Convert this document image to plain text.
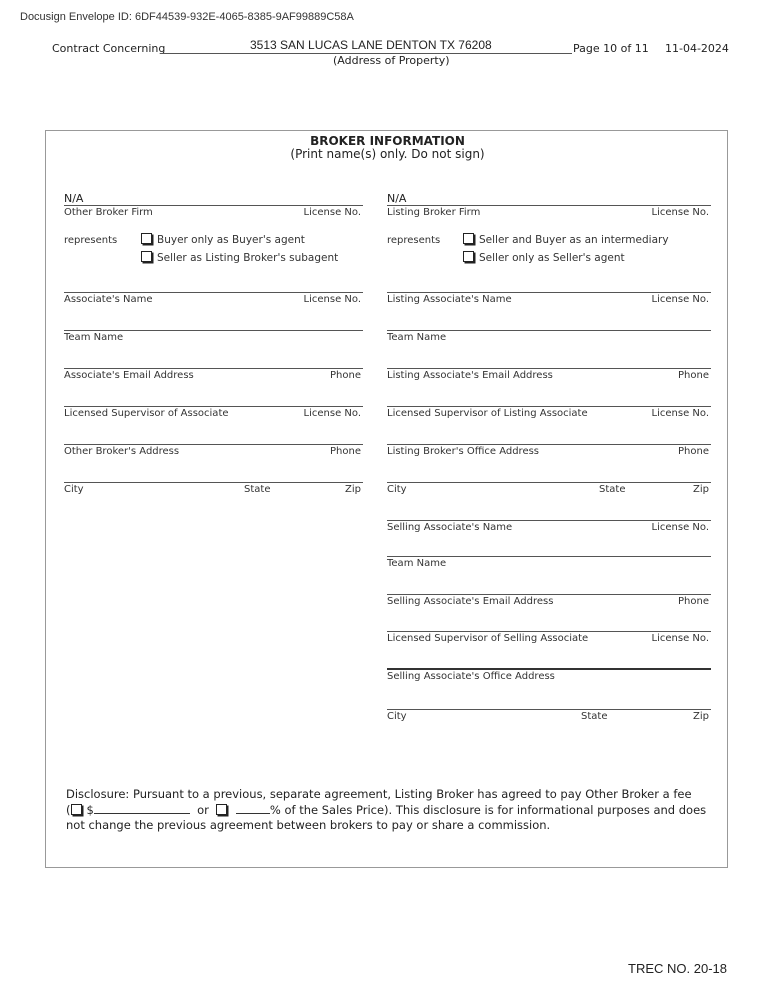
Docusign Envelope ID: 6DF44539-932E-4065-8385-9AF99889C58A
Contract Concerning	3513 SAN LUCAS LANE DENTON TX 76208
(Address of Property)
Page 10 of 11 11-04-2024
BROKER INFORMATION
(Print name(s) only. Do not sign)
N/A
Other Broker Firm	License No.
represents	Buyer only as Buyer's agent
Seller as Listing Broker's subagent
Associate's Name	License No.
Team Name
Associate's Email Address	Phone
Licensed Supervisor of Associate	License No.
Other Broker's Address	Phone
City	State	Zip
N/A
Listing Broker Firm	License No.
represents	Seller and Buyer as an intermediary
Seller only as Seller's agent
Listing Associate's Name	License No.
Team Name
Listing Associate's Email Address	Phone
Licensed Supervisor of Listing Associate	License No.
Listing Broker's Office Address	Phone
City	State	Zip
Selling Associate's Name	License No.
Team Name
Selling Associate's Email Address	Phone
Licensed Supervisor of Selling Associate	License No.
Selling Associate's Office Address
City	State	Zip
Disclosure: Pursuant to a previous, separate agreement, Listing Broker has agreed to pay Other Broker a fee
( $	or	% of the Sales Price). This disclosure is for informational purposes and does
not change the previous agreement between brokers to pay or share a commission.
TREC NO. 20-18
